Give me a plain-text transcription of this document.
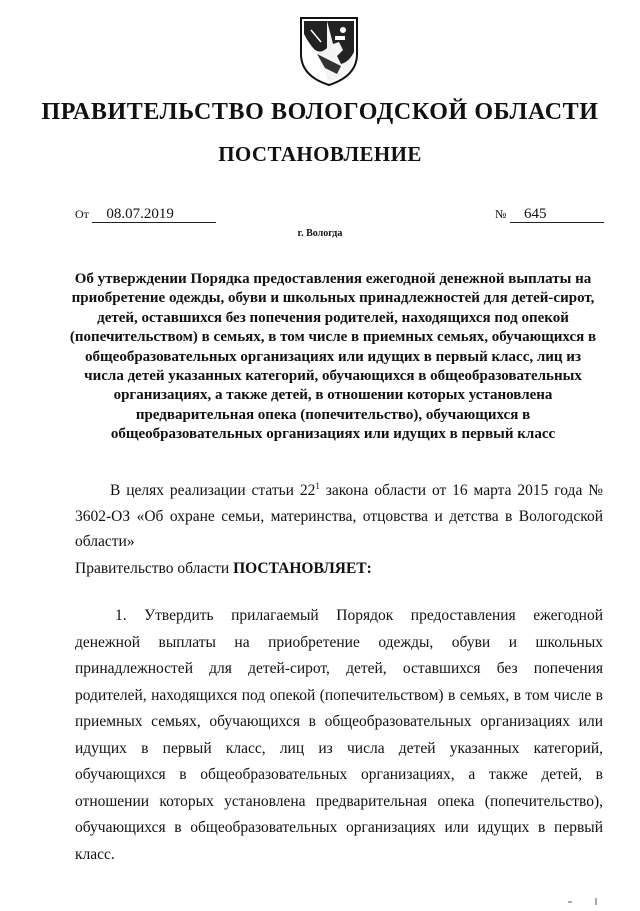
ПРАВИТЕЛЬСТВО ВОЛОГОДСКОЙ ОБЛАСТИ
ПОСТАНОВЛЕНИЕ
От 08.07.2019	№ 645
г. Вологда

Об утверждении Порядка предоставления ежегодной денежной выплаты на приобретение одежды, обуви и школьных принадлежностей для детей-сирот, детей, оставшихся без попечения родителей, находящихся под опекой (попечительством) в семьях, в том числе в приемных семьях, обучающихся в общеобразовательных организациях или идущих в первый класс, лиц из числа детей указанных категорий, обучающихся в общеобразовательных организациях, а также детей, в отношении которых установлена предварительная опека (попечительство), обучающихся в общеобразовательных организациях или идущих в первый класс

В целях реализации статьи $22^1$ закона области от 16 марта 2015 года № 3602-ОЗ «Об охране семьи, материнства, отцовства и детства в Вологодской области»

Правительство области ПОСТАНОВЛЯЕТ:

1. Утвердить прилагаемый Порядок предоставления ежегодной денежной выплаты на приобретение одежды, обуви и школьных принадлежностей для детей-сирот, детей, оставшихся без попечения родителей, находящихся под опекой (попечительством) в семьях, в том числе в приемных семьях, обучающихся в общеобразовательных организациях или идущих в первый класс, лиц из числа детей указанных категорий, обучающихся в общеобразовательных организациях, а также детей, в отношении которых установлена предварительная опека (попечительство), обучающихся в общеобразовательных организациях или идущих в первый класс.
